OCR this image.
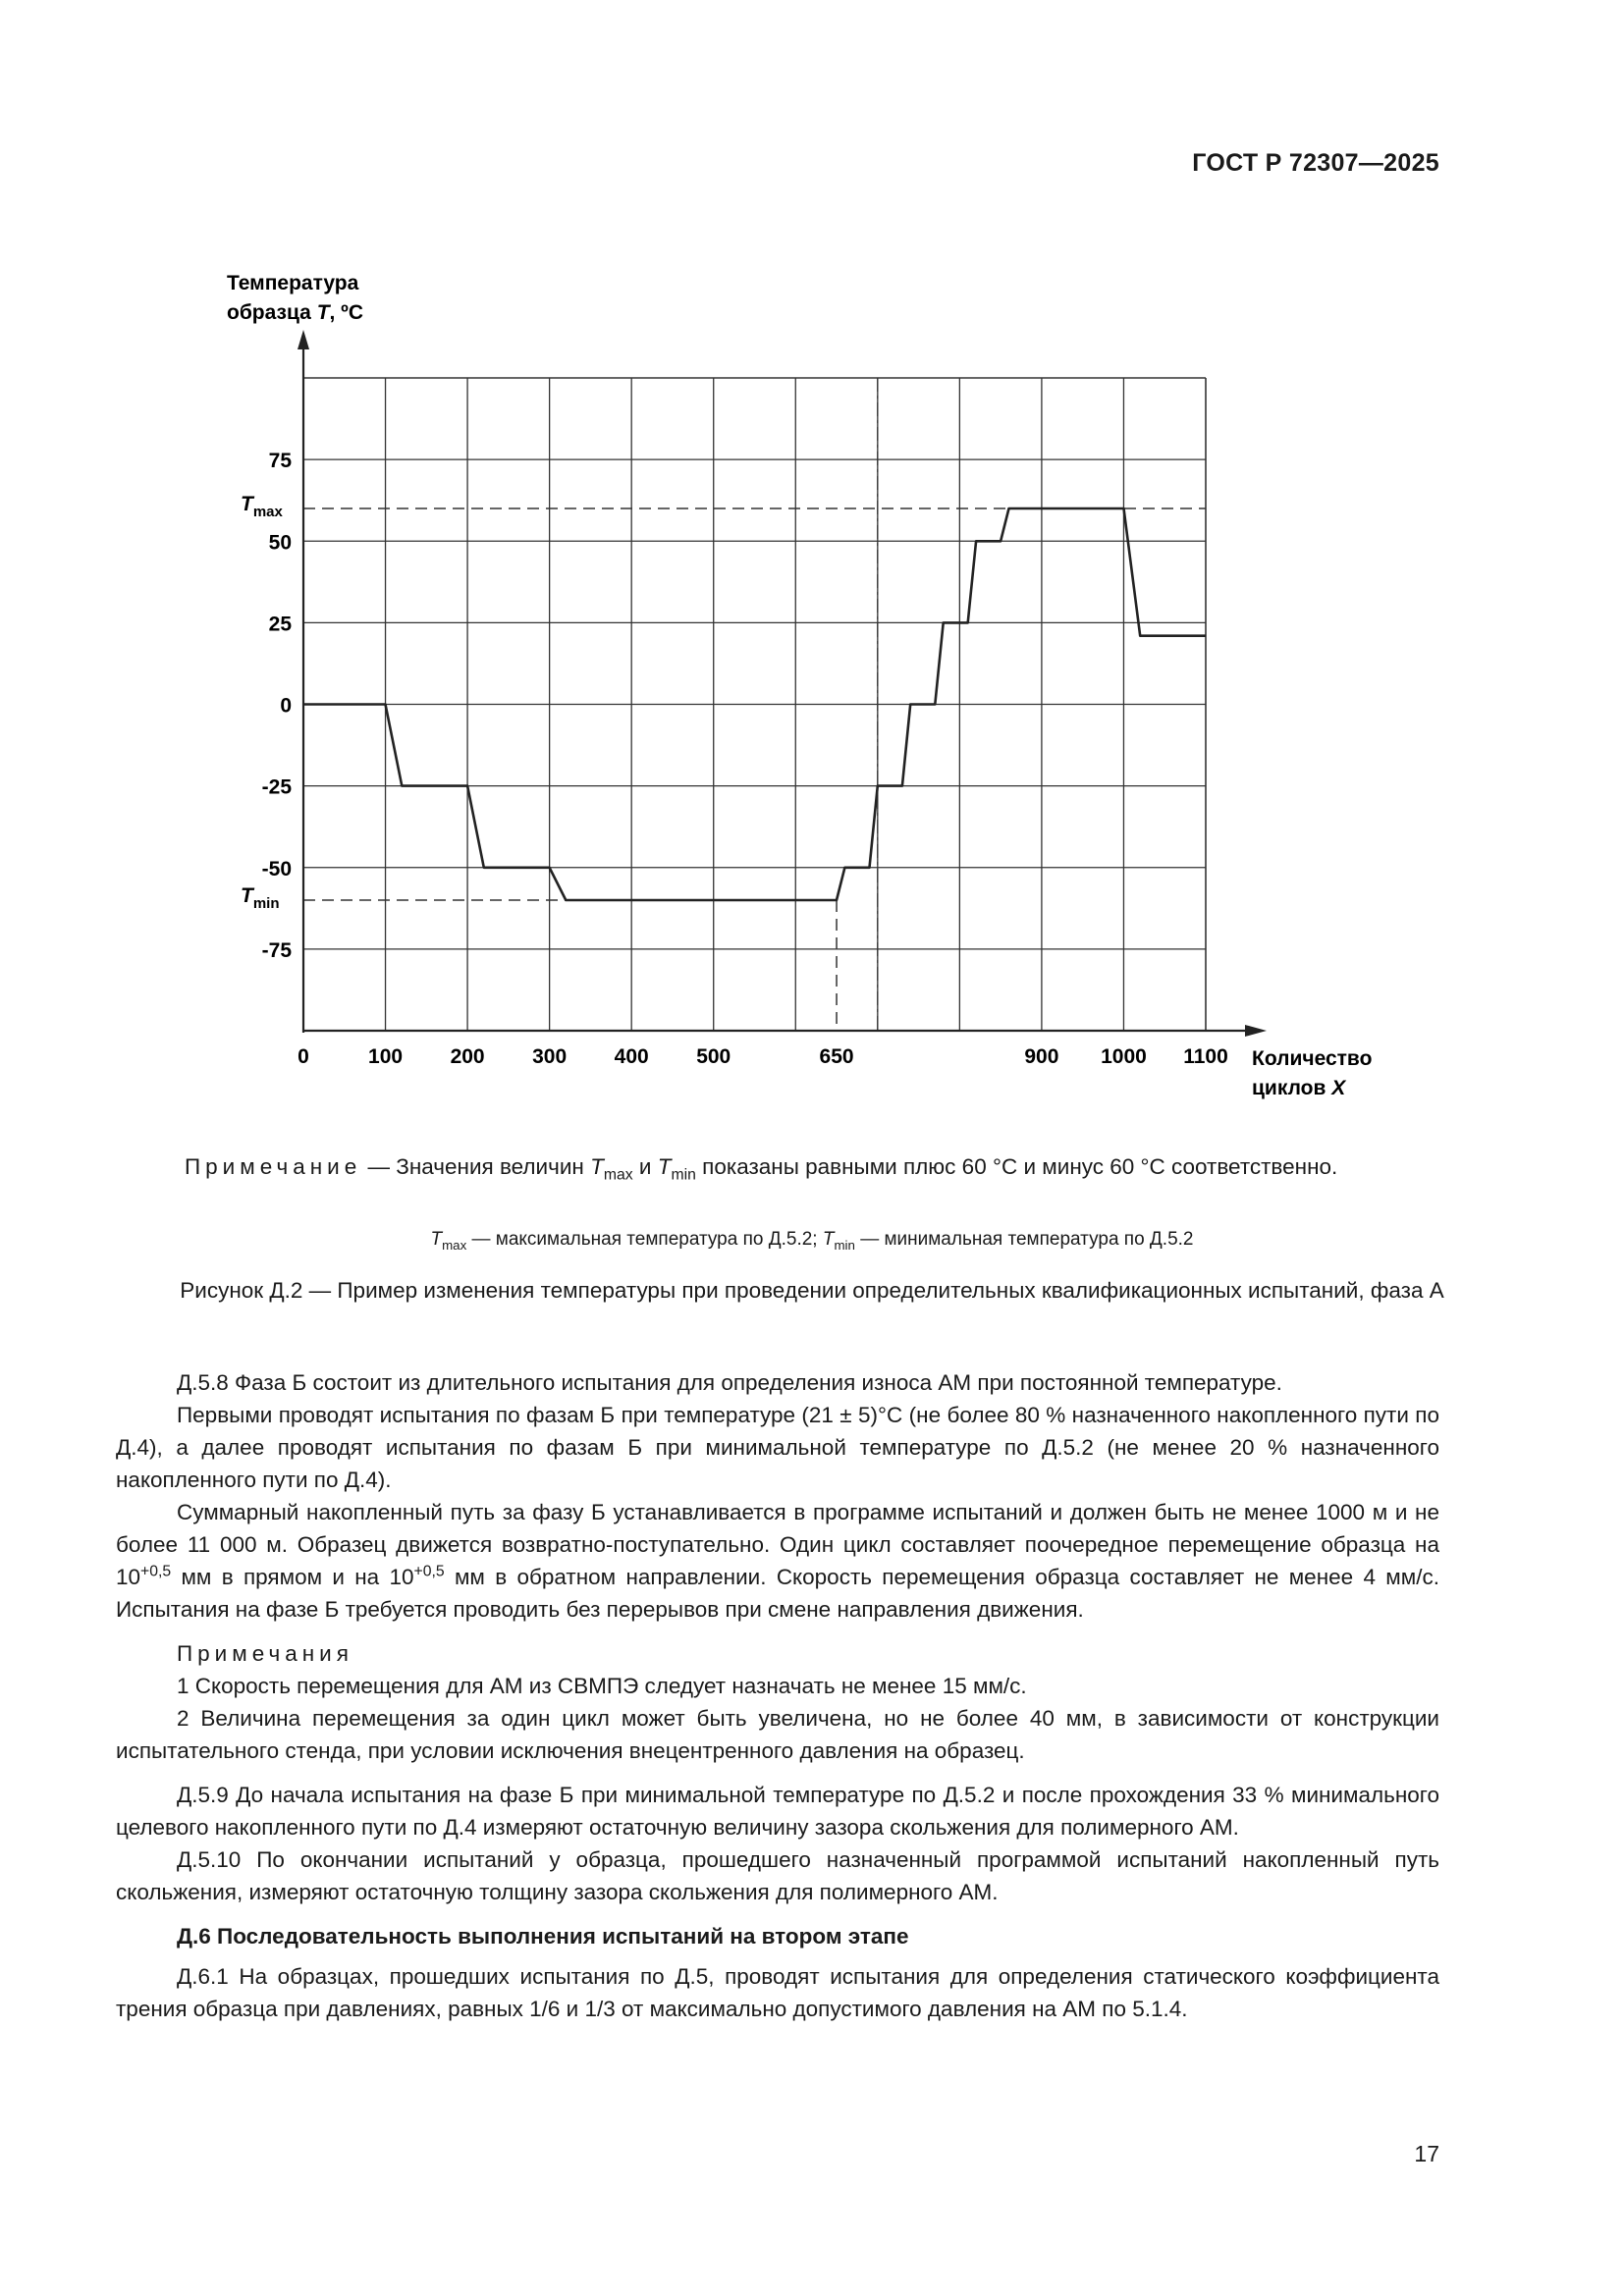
ГОСТ Р 72307—2025
75
50
25
0
-25
-50
-75
0	100 200 300 400 500	650	900 1000 1100
Температура
образца T, ºC
Количество
циклов X
$T_{max}$
$T_{min}$

Примечание — Значения величин $T_{max}$ и $T_{min}$ показаны равными плюс 60 °С и минус 60 °С соответственно.

$T_{max}$ — максимальная температура по Д.5.2; $T_{min}$ — минимальная температура по Д.5.2
Рисунок Д.2 — Пример изменения температуры при проведении определительных квалификационных испытаний, фаза А

Д.5.8 Фаза Б состоит из длительного испытания для определения износа АМ при постоянной температуре.

Первыми проводят испытания по фазам Б при температуре (21 ± 5)°С (не более 80 % назначенного накопленного пути по Д.4), а далее проводят испытания по фазам Б при минимальной температуре по Д.5.2 (не менее 20 % назначенного накопленного пути по Д.4).

Суммарный накопленный путь за фазу Б устанавливается в программе испытаний и должен быть не менее 1000 м и не более 11 000 м. Образец движется возвратно-поступательно. Один цикл составляет поочередное перемещение образца на $10^{+0,5}$ мм в прямом и на $10^{+0,5}$ мм в обратном направлении. Скорость перемещения образца составляет не менее 4 мм/с. Испытания на фазе Б требуется проводить без перерывов при смене направления движения.

Примечания

1 Скорость перемещения для АМ из СВМПЭ следует назначать не менее 15 мм/с.

2 Величина перемещения за один цикл может быть увеличена, но не более 40 мм, в зависимости от конструкции испытательного стенда, при условии исключения внецентренного давления на образец.

Д.5.9 До начала испытания на фазе Б при минимальной температуре по Д.5.2 и после прохождения 33 % минимального целевого накопленного пути по Д.4 измеряют остаточную величину зазора скольжения для полимерного АМ.

Д.5.10 По окончании испытаний у образца, прошедшего назначенный программой испытаний накопленный путь скольжения, измеряют остаточную толщину зазора скольжения для полимерного АМ.

Д.6 Последовательность выполнения испытаний на втором этапе

Д.6.1 На образцах, прошедших испытания по Д.5, проводят испытания для определения статического коэффициента трения образца при давлениях, равных 1/6 и 1/3 от максимально допустимого давления на АМ по 5.1.4.

17
